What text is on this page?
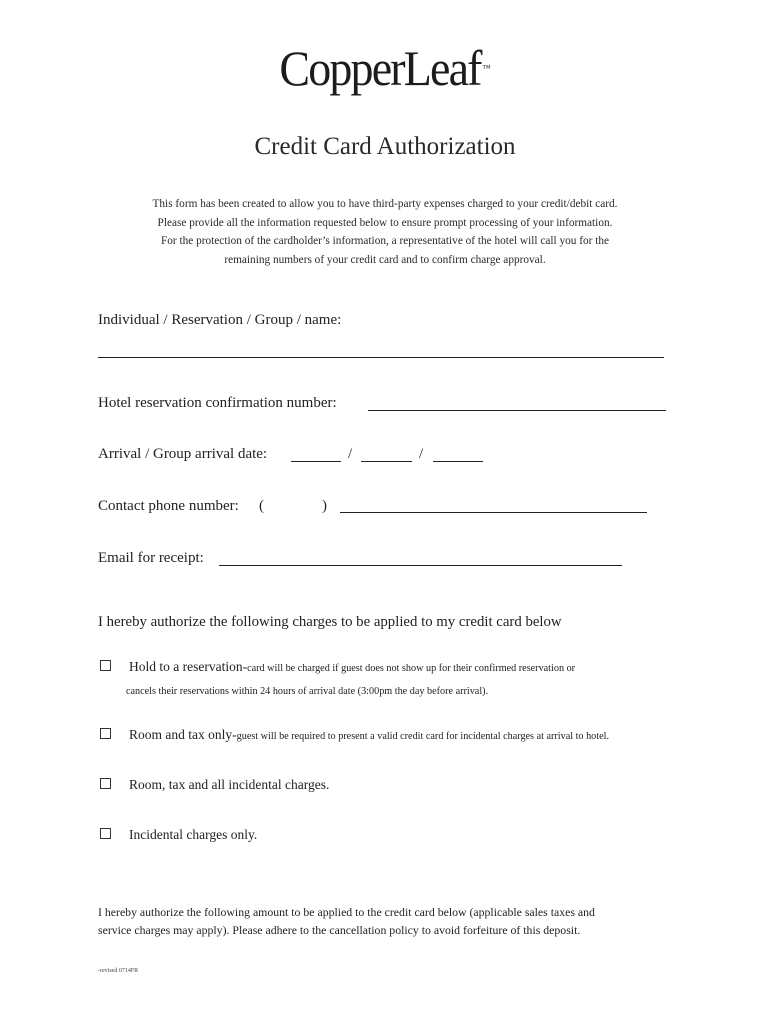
CopperLeaf ™
Credit Card Authorization
This form has been created to allow you to have third-party expenses charged to your credit/debit card.
Please provide all the information requested below to ensure prompt processing of your information.
For the protection of the cardholder’s information, a representative of the hotel will call you for the
remaining numbers of your credit card and to confirm charge approval.
Individual / Reservation / Group / name:
Hotel reservation confirmation number:
Arrival / Group arrival date:	/	/
Contact phone number: (	)
Email for receipt:
I hereby authorize the following charges to be applied to my credit card below
Hold to a reservation-card will be charged if guest does not show up for their confirmed reservation or
cancels their reservations within 24 hours of arrival date (3:00pm the day before arrival).
Room and tax only-guest will be required to present a valid credit card for incidental charges at arrival to hotel.
Room, tax and all incidental charges.
Incidental charges only.
I hereby authorize the following amount to be applied to the credit card below (applicable sales taxes and
service charges may apply). Please adhere to the cancellation policy to avoid forfeiture of this deposit.
-revised 0714FR
